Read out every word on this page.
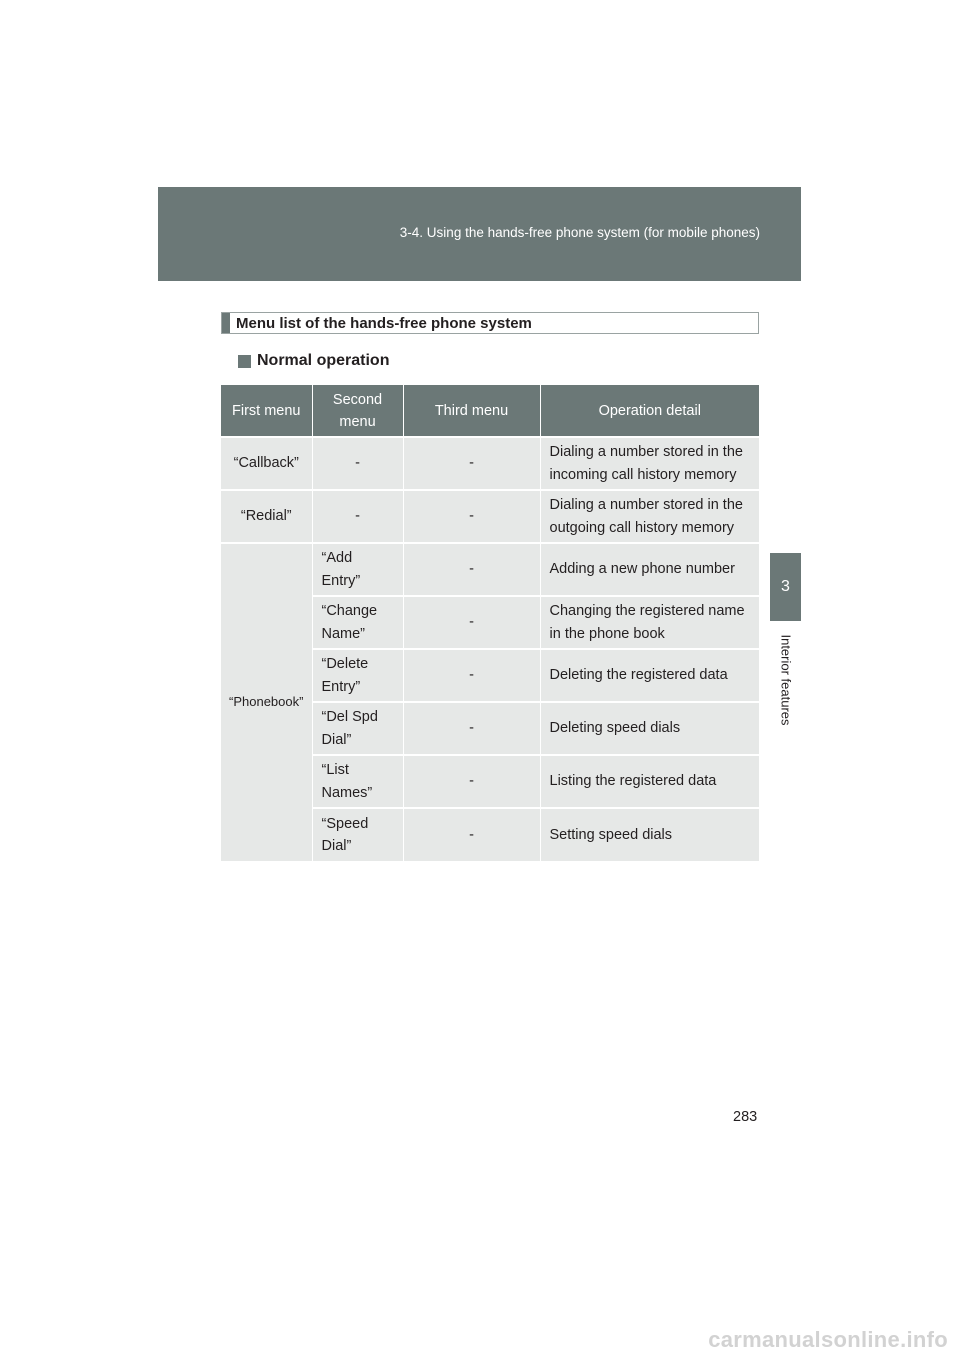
3-4. Using the hands-free phone system (for mobile phones)
3
Interior features
Menu list of the hands-free phone system
Normal operation
First menu	Second menu	Third menu	Operation detail
“Callback”	-	-	Dialing a number stored in the incoming call history memory
“Redial”	-	-	Dialing a number stored in the outgoing call history memory
“Phonebook”	“Add Entry”	-	Adding a new phone number
	“Change Name”	-	Changing the registered name in the phone book
	“Delete Entry”	-	Deleting the registered data
	“Del Spd Dial”	-	Deleting speed dials
	“List Names”	-	Listing the registered data
	“Speed Dial”	-	Setting speed dials
283
carmanualsonline.info
